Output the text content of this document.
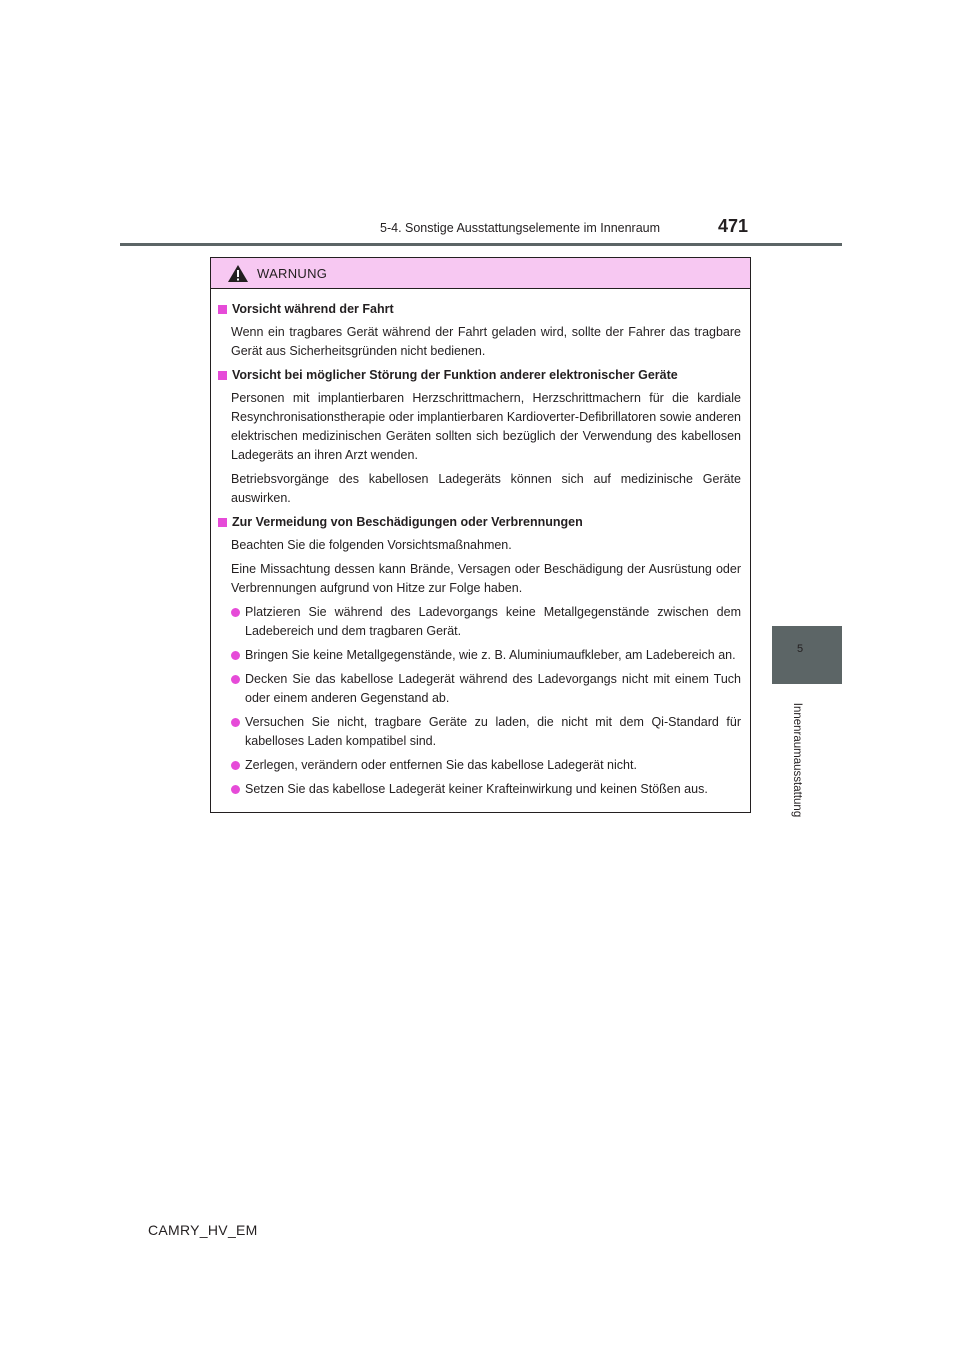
5-4. Sonstige Ausstattungselemente im Innenraum	471
5
Innenraumausstattung
WARNUNG
Vorsicht während der Fahrt
Wenn ein tragbares Gerät während der Fahrt geladen wird, sollte der Fahrer das tragbare Gerät aus Sicherheitsgründen nicht bedienen.
Vorsicht bei möglicher Störung der Funktion anderer elektronischer Geräte
Personen mit implantierbaren Herzschrittmachern, Herzschrittmachern für die kardiale Resynchronisationstherapie oder implantierbaren Kardioverter-Defibrillatoren sowie anderen elektrischen medizinischen Geräten sollten sich bezüglich der Verwendung des kabellosen Ladegeräts an ihren Arzt wenden.
Betriebsvorgänge des kabellosen Ladegeräts können sich auf medizinische Geräte auswirken.
Zur Vermeidung von Beschädigungen oder Verbrennungen
Beachten Sie die folgenden Vorsichtsmaßnahmen.
Eine Missachtung dessen kann Brände, Versagen oder Beschädigung der Ausrüstung oder Verbrennungen aufgrund von Hitze zur Folge haben.
Platzieren Sie während des Ladevorgangs keine Metallgegenstände zwischen dem Ladebereich und dem tragbaren Gerät.
Bringen Sie keine Metallgegenstände, wie z. B. Aluminiumaufkleber, am Ladebereich an.
Decken Sie das kabellose Ladegerät während des Ladevorgangs nicht mit einem Tuch oder einem anderen Gegenstand ab.
Versuchen Sie nicht, tragbare Geräte zu laden, die nicht mit dem Qi-Standard für kabelloses Laden kompatibel sind.
Zerlegen, verändern oder entfernen Sie das kabellose Ladegerät nicht.
Setzen Sie das kabellose Ladegerät keiner Krafteinwirkung und keinen Stößen aus.
CAMRY_HV_EM
